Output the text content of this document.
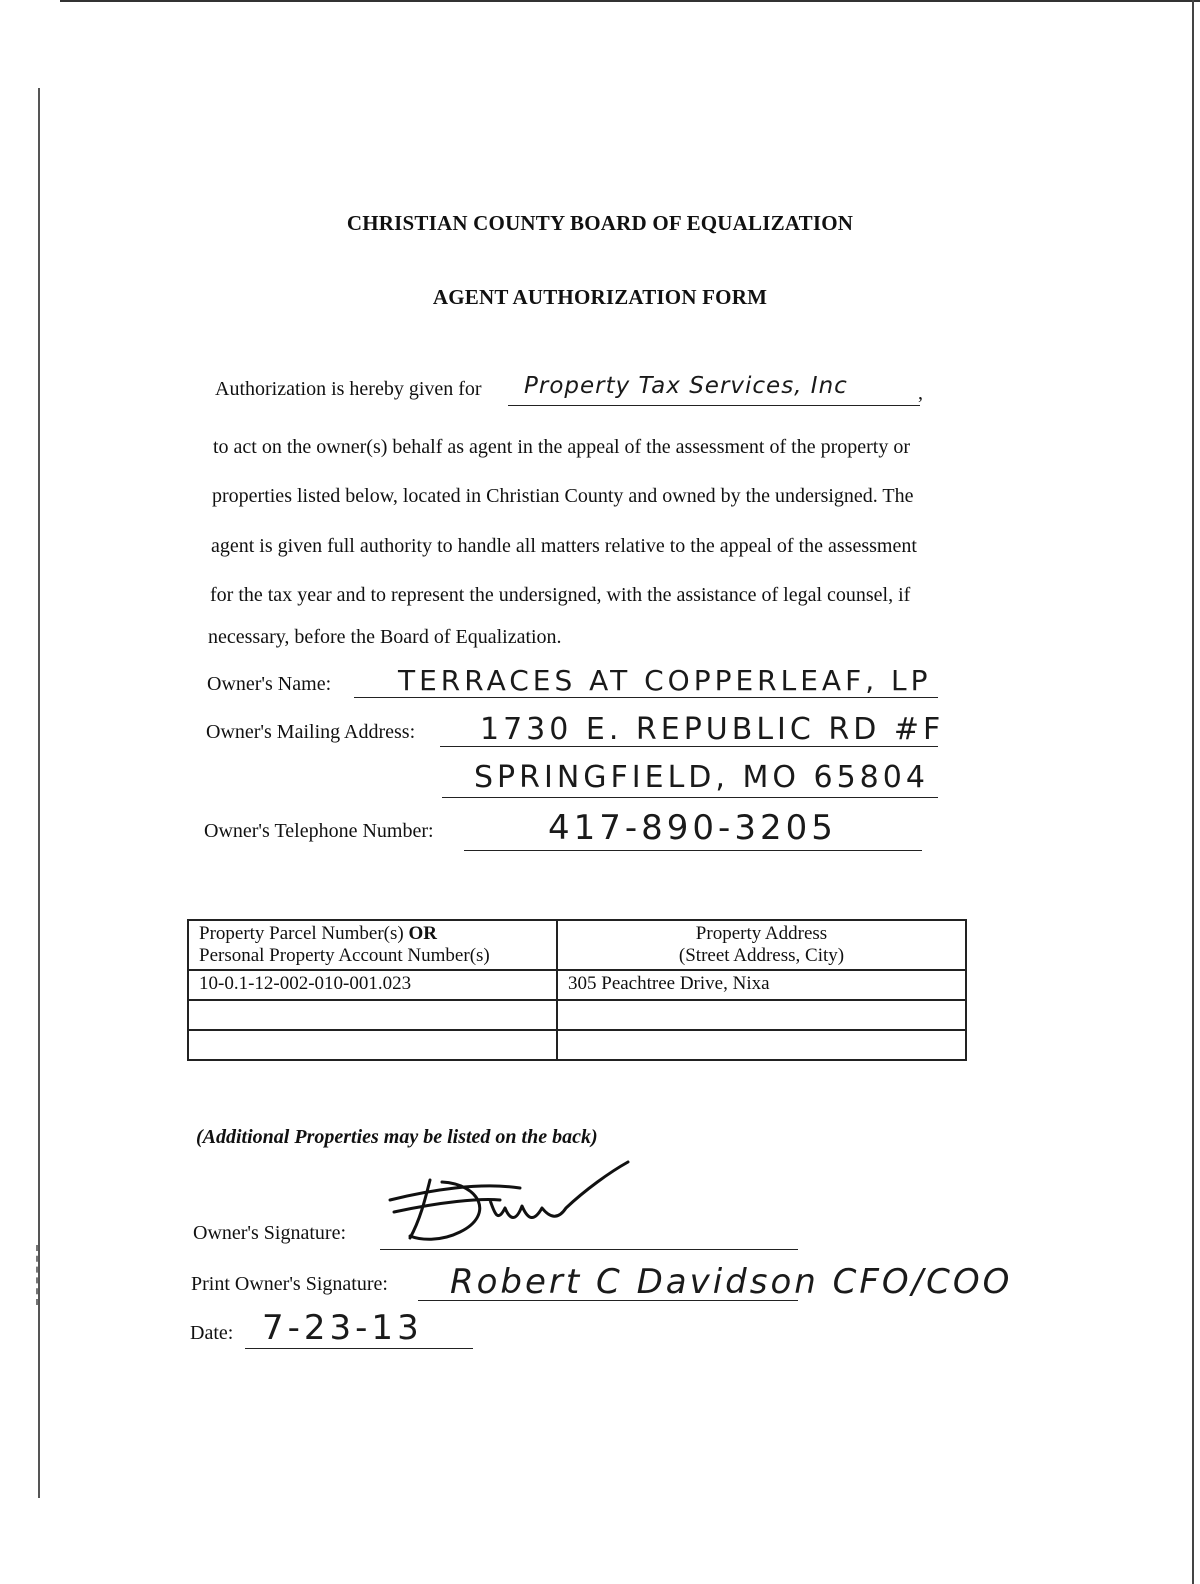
CHRISTIAN COUNTY BOARD OF EQUALIZATION
AGENT AUTHORIZATION FORM
Authorization is hereby given for	,
Property Tax Services, Inc
to act on the owner(s) behalf as agent in the appeal of the assessment of the property or
properties listed below, located in Christian County and owned by the undersigned. The
agent is given full authority to handle all matters relative to the appeal of the assessment
for the tax year and to represent the undersigned, with the assistance of legal counsel, if
necessary, before the Board of Equalization.
Owner's Name: TERRACES AT COPPERLEAF, LP
Owner's Mailing Address: 1730 E. REPUBLIC RD #F
SPRINGFIELD, MO 65804
Owner's Telephone Number:	417-890-3205
Property Parcel Number(s) OR
Personal Property Account Number(s)	Property Address
(Street Address, City)

10-0.1-12-002-010-001.023	305 Peachtree Drive, Nixa

(Additional Properties may be listed on the back)
Owner's Signature:
Print Owner's Signature: Robert C Davidson CFO/COO
Date: 7-23-13
